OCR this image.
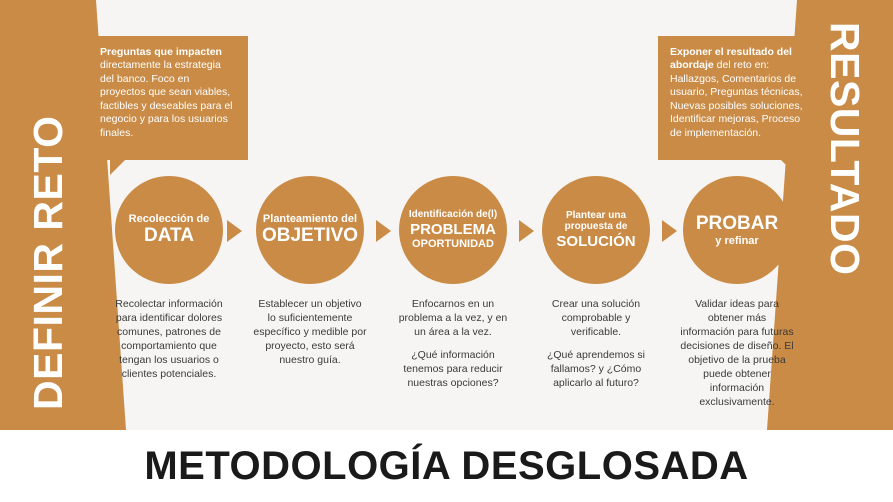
DEFINIR RETO	RESULTADO
Preguntas que impacten directamente la estrategia del banco. Foco en proyectos que sean viables, factibles y deseables para el negocio y para los usuarios finales.
Exponer el resultado del abordaje del reto en: Hallazgos, Comentarios de usuario, Preguntas técnicas, Nuevas posibles soluciones, Identificar mejoras, Proceso de implementación.
Recolección de
DATA

Recolectar información para identificar dolores comunes, patrones de comportamiento que tengan los usuarios o clientes potenciales.

Planteamiento del
OBJETIVO

Establecer un objetivo lo suficientemente específico y medible por proyecto, esto será nuestro guía.

Identificación de(l)
PROBLEMA
OPORTUNIDAD

Enfocarnos en un problema a la vez, y en un área a la vez.

¿Qué información tenemos para reducir nuestras opciones?

Plantear una propuesta de
SOLUCIÓN

Crear una solución comprobable y verificable.

¿Qué aprendemos si fallamos? y ¿Cómo aplicarlo al futuro?

PROBAR
y refinar

Validar ideas para obtener más información para futuras decisiones de diseño. El objetivo de la prueba puede obtener información exclusivamente.

METODOLOGÍA DESGLOSADA
